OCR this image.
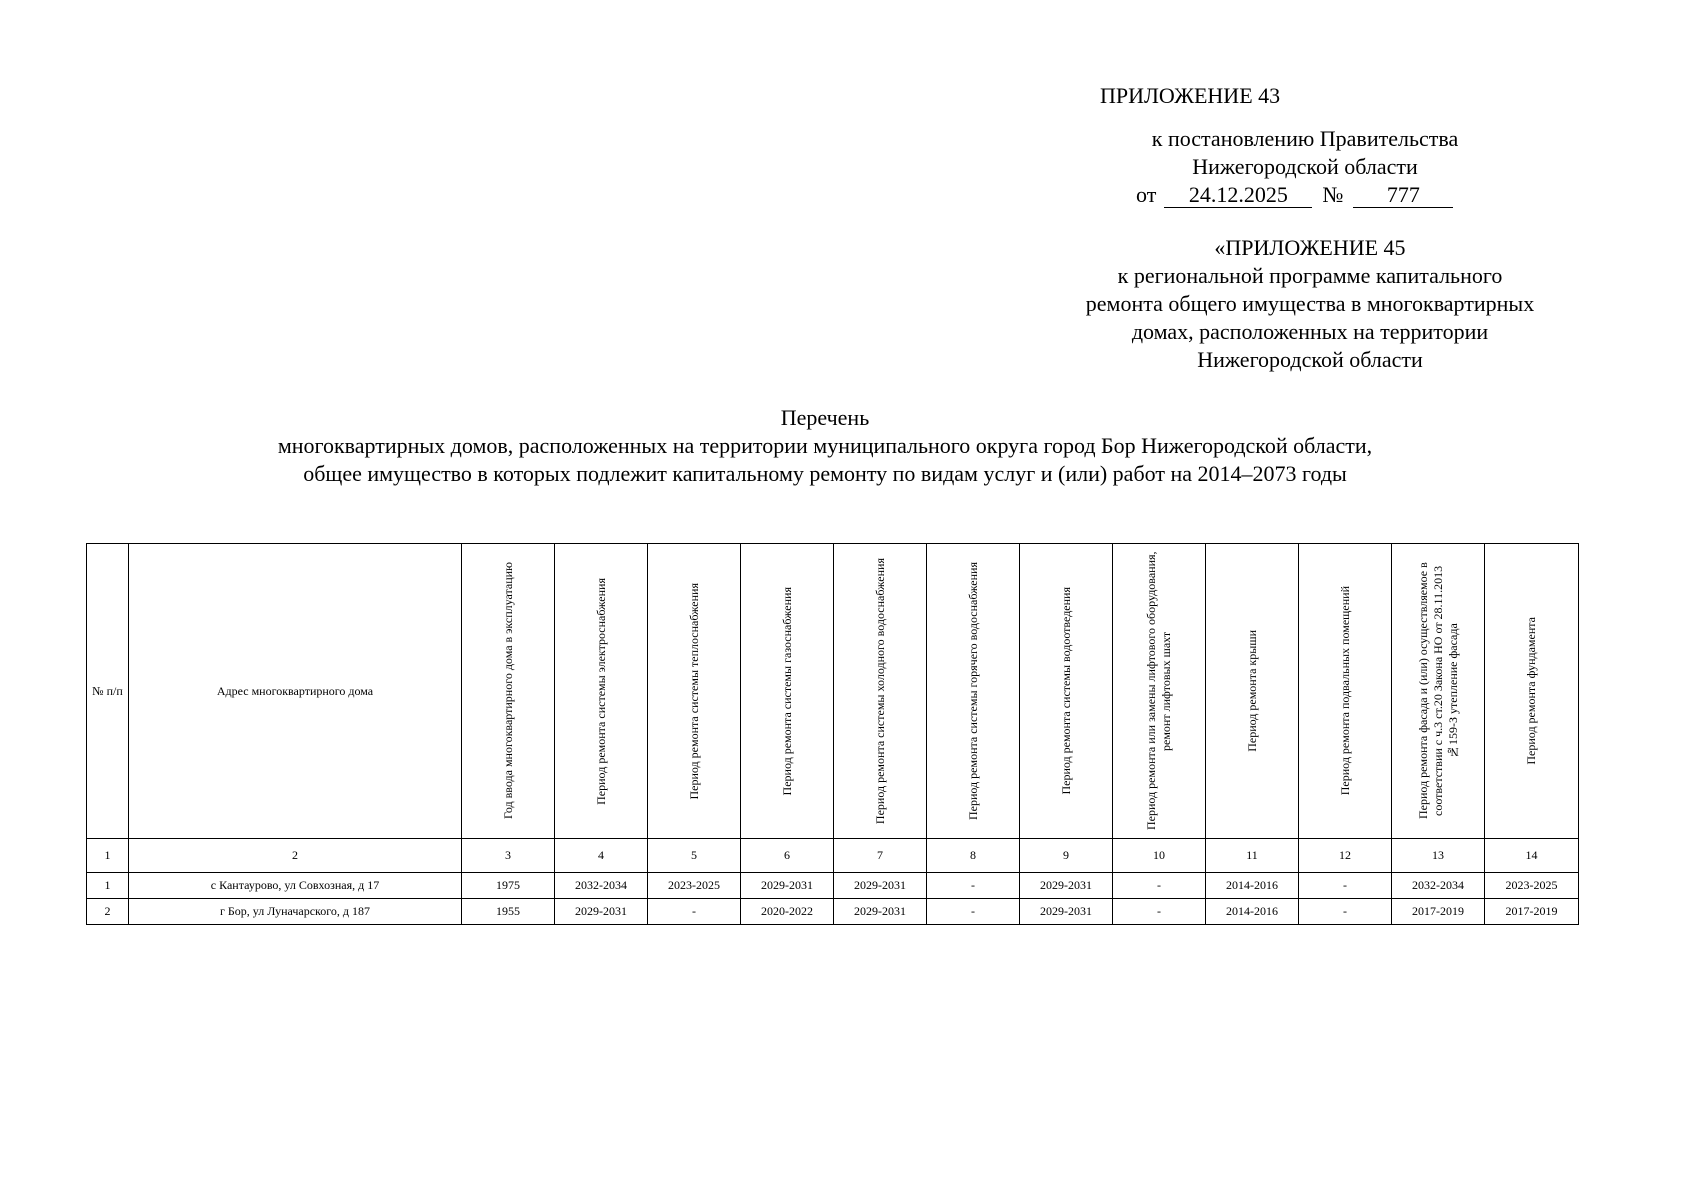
ПРИЛОЖЕНИЕ 43
к постановлению Правительства
Нижегородской области
от	24.12.2025	№	777
«ПРИЛОЖЕНИЕ 45
к региональной программе капитального
ремонта общего имущества в многоквартирных
домах, расположенных на территории
Нижегородской области
Перечень
многоквартирных домов, расположенных на территории муниципального округа город Бор Нижегородской области,
общее имущество в которых подлежит капитальному ремонту по видам услуг и (или) работ на 2014–2073 годы
№ п/п	Адрес многоквартирного дома	Год ввода многоквартирного дома в эксплуатацию	Период ремонта системы электроснабжения	Период ремонта системы теплоснабжения	Период ремонта системы газоснабжения	Период ремонта системы холодного водоснабжения	Период ремонта системы горячего водоснабжения	Период ремонта системы водоотведения	Период ремонта или замены лифтового оборудования, ремонт лифтовых шахт	Период ремонта крыши	Период ремонта подвальных помещений	Период ремонта фасада и (или) осуществляемое в соответствии с ч.3 ст.20 Закона НО от 28.11.2013 №159-З утепление фасада	Период ремонта фундамента

1	2	3	4	5	6	7	8	9	10	11	12	13	14
1	с Кантаурово, ул Совхозная, д 17	1975	2032-2034	2023-2025	2029-2031	2029-2031	-	2029-2031	-	2014-2016	-	2032-2034	2023-2025
2	г Бор, ул Луначарского, д 187	1955	2029-2031	-	2020-2022	2029-2031	-	2029-2031	-	2014-2016	-	2017-2019	2017-2019
